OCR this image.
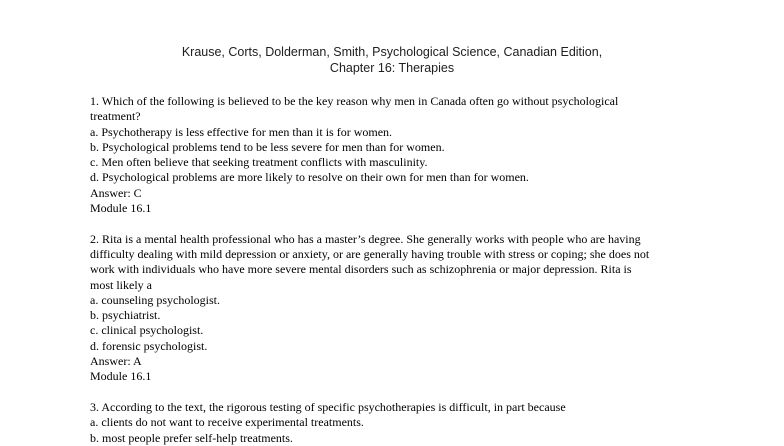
Krause, Corts, Dolderman, Smith, Psychological Science, Canadian Edition,
Chapter 16: Therapies
1. Which of the following is believed to be the key reason why men in Canada often go without psychological
treatment?
a. Psychotherapy is less effective for men than it is for women.
b. Psychological problems tend to be less severe for men than for women.
c. Men often believe that seeking treatment conflicts with masculinity.
d. Psychological problems are more likely to resolve on their own for men than for women.
Answer: C
Module 16.1
2. Rita is a mental health professional who has a master’s degree. She generally works with people who are having
difficulty dealing with mild depression or anxiety, or are generally having trouble with stress or coping; she does not
work with individuals who have more severe mental disorders such as schizophrenia or major depression. Rita is
most likely a
a. counseling psychologist.
b. psychiatrist.
c. clinical psychologist.
d. forensic psychologist.
Answer: A
Module 16.1
3. According to the text, the rigorous testing of specific psychotherapies is difficult, in part because
a. clients do not want to receive experimental treatments.
b. most people prefer self-help treatments.
